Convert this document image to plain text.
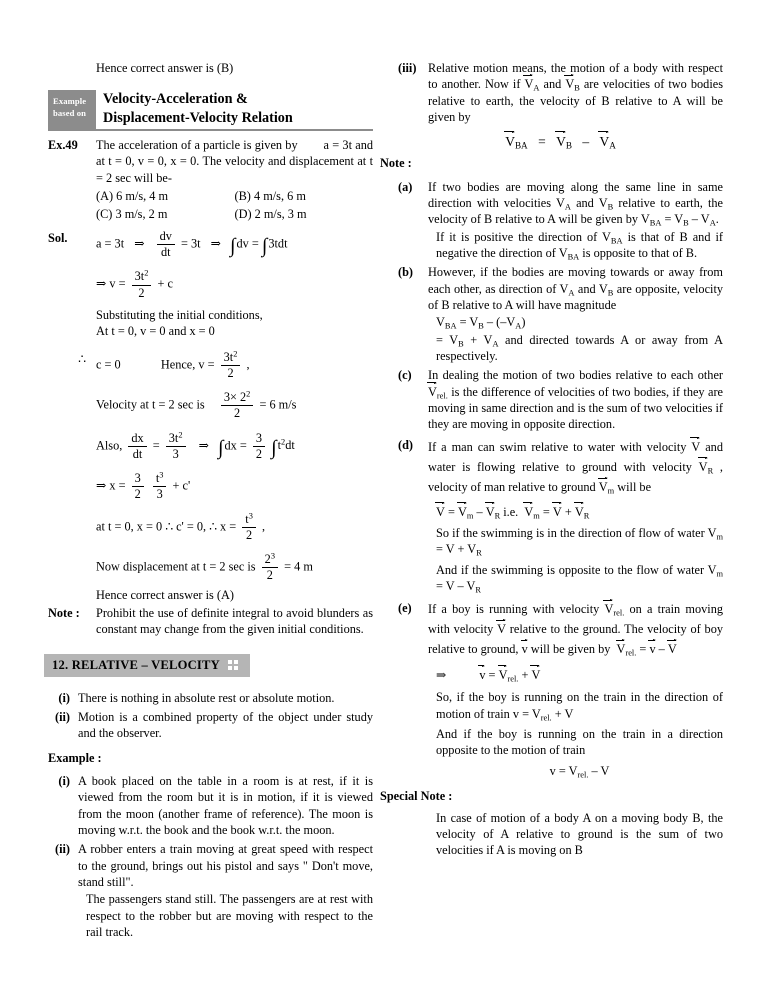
Hence correct answer is (B)
Example
based on
Velocity-Acceleration &
Displacement-Velocity Relation
Ex.49	The acceleration of a particle is given by        a = 3t and at t = 0, v = 0, x = 0. The velocity and displacement at t = 2 sec will be-
(A) 6 m/s, 4 m	(B) 4 m/s, 6 m
(C) 3 m/s, 2 m	(D) 2 m/s, 3 m
Sol.	a = 3t ⇒ $\frac{dv}{dt} = 3t$ ⇒ ∫dv = ∫3tdt
⇒ $v = \frac{3t^2}{2} + c$
Substituting the initial conditions,
At t = 0, v = 0 and x = 0
∴ c = 0	Hence, $v = \frac{3t^2}{2}$ ,
Velocity at t = 2 sec is $\frac{3\times 2^2}{2} = 6$ m/s
Also, $\frac{dx}{dt} = \frac{3t^2}{3}$ ⇒ $\int dx = \frac{3}{2} \int t^2dt$
⇒ $x = \frac{3}{2}$
$\frac{t^3}{3} + c'$
at t = 0, x = 0 ∴ c' = 0, ∴ $x = \frac{t^3}{2}$ ,
Now displacement at t = 2 sec is $\frac{2^3}{2} = 4$ m
Hence correct answer is (A)
Note :	Prohibit the use of definite integral to avoid blunders as constant may change from the given initial conditions.
12. RELATIVE – VELOCITY
(i) There is nothing in absolute rest or absolute motion.
(ii) Motion is a combined property of the object under study and the observer.
Example :
(i) A book placed on the table in a room is at rest, if it is viewed from the room but it is in motion, if it is viewed from the moon (another frame of reference). The moon is moving w.r.t. the book and the book w.r.t. the moon.
(ii) A robber enters a train moving at great speed with respect to the ground, brings out his pistol and says " Don't move, stand still".
The passengers stand still. The passengers are at rest with respect to the robber but are moving with respect to the rail track.
(iii) Relative motion means, the motion of a body with respect to another. Now if $V_A$ and $V_B$ are velocities of two bodies relative to earth, the velocity of B relative to A will be given by
$V_{BA} = V_B - V_A$
Note :
(a)	If two bodies are moving along the same line in same direction with velocities $V_A$ and $V_B$ relative to earth, the velocity of B relative to A will be given by $V_{BA} = V_B - V_A$.
If it is positive the direction of $V_{BA}$ is that of B and if negative the direction of $V_{BA}$ is opposite to that of B.
(b)	However, if the bodies are moving towards or away from each other, as direction of $V_A$ and $V_B$ are opposite, velocity of B relative to A will have magnitude
$V_{BA} = V_B - (-V_A)$
= $V_B + V_A$ and directed towards A or away from A respectively.
(c)	In dealing the motion of two bodies relative to each other
$V_{rel.}$ is the difference of velocities of two bodies, if they are moving in same direction and is the sum of two velocities if they are moving in opposite direction.
(d)	If a man can swim relative to water with velocity
V and water is flowing relative to ground with velocity
$V_R$ , velocity of man relative to ground
$V_m$ will be
V =
$V_m$ –
$V_R$ i.e.
$V_m$ =
V +
$V_R$
So if the swimming is in the direction of flow of water $V_m = V + V_R$
And if the swimming is opposite to the flow of water $V_m = V - V_R$
(e)	If a boy is running with velocity
$V_{rel.}$ on a train moving with velocity
V relative to the ground. The velocity of boy relative to ground,
v will be given by
$V_{rel.}$ =
v –
V
⇒	v =
$V_{rel.}$ +
V
So, if the boy is running on the train in the direction of motion of train $v = V_{rel.} + V$
And if the boy is running on the train in a direction opposite to the motion of train
$v = V_{rel.} - V$
Special Note :
In case of motion of a body A on a moving body B, the velocity of A relative to ground is the sum of two velocities if A is moving on B
